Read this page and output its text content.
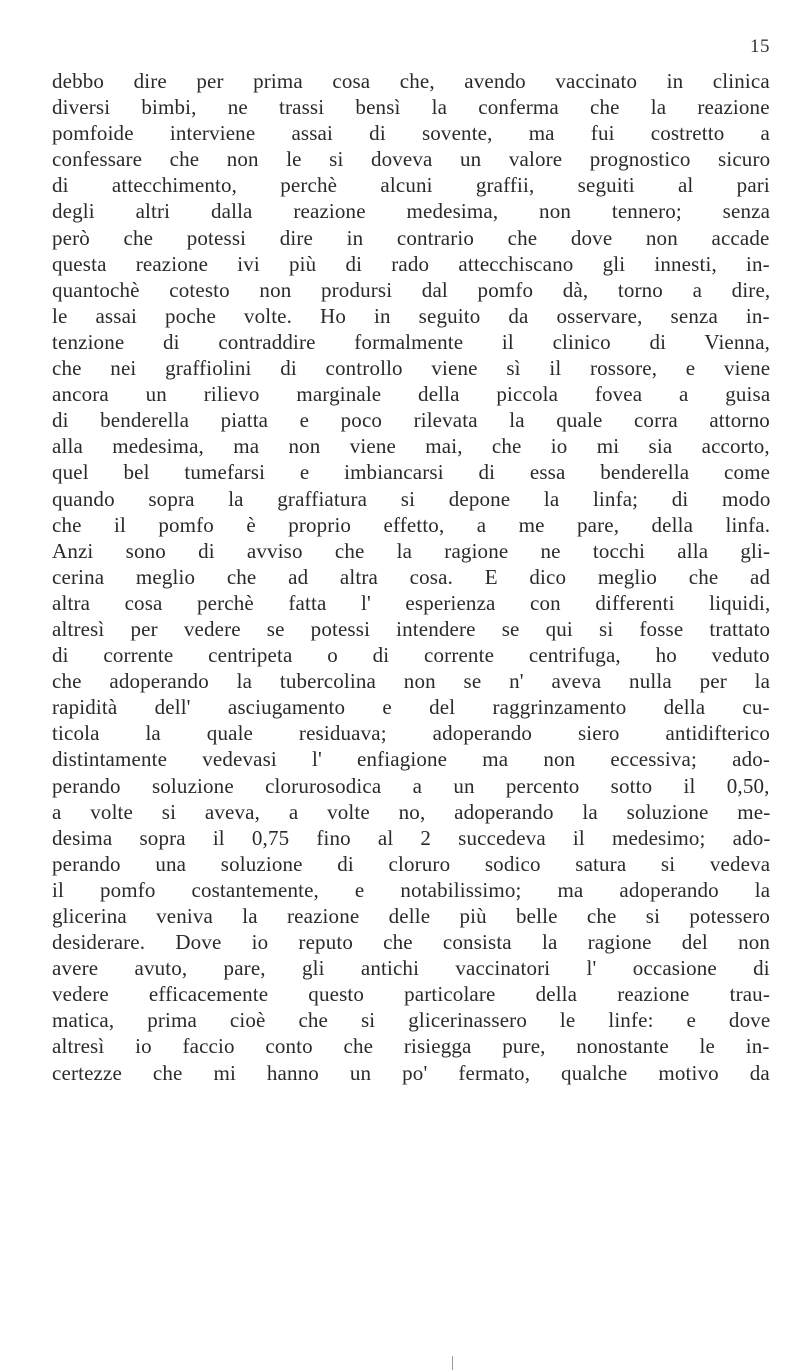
15
debbo dire per prima cosa che, avendo vaccinato in clinica
diversi bimbi, ne trassi bensì la conferma che la reazione
pomfoide interviene assai di sovente, ma fui costretto a
confessare che non le si doveva un valore prognostico sicuro
di attecchimento, perchè alcuni graffii, seguiti al pari
degli altri dalla reazione medesima, non tennero; senza
però che potessi dire in contrario che dove non accade
questa reazione ivi più di rado attecchiscano gli innesti, in-
quantochè cotesto non prodursi dal pomfo dà, torno a dire,
le assai poche volte. Ho in seguito da osservare, senza in-
tenzione di contraddire formalmente il clinico di Vienna,
che nei graffiolini di controllo viene sì il rossore, e viene
ancora un rilievo marginale della piccola fovea a guisa
di benderella piatta e poco rilevata la quale corra attorno
alla medesima, ma non viene mai, che io mi sia accorto,
quel bel tumefarsi e imbiancarsi di essa benderella come
quando sopra la graffiatura si depone la linfa; di modo
che il pomfo è proprio effetto, a me pare, della linfa.
Anzi sono di avviso che la ragione ne tocchi alla gli-
cerina meglio che ad altra cosa. E dico meglio che ad
altra cosa perchè fatta l' esperienza con differenti liquidi,
altresì per vedere se potessi intendere se qui si fosse trattato
di corrente centripeta o di corrente centrifuga, ho veduto
che adoperando la tubercolina non se n' aveva nulla per la
rapidità dell' asciugamento e del raggrinzamento della cu-
ticola la quale residuava; adoperando siero antidifterico
distintamente vedevasi l' enfiagione ma non eccessiva; ado-
perando soluzione clorurosodica a un percento sotto il 0,50,
a volte si aveva, a volte no, adoperando la soluzione me-
desima sopra il 0,75 fino al 2 succedeva il medesimo; ado-
perando una soluzione di cloruro sodico satura si vedeva
il pomfo costantemente, e notabilissimo; ma adoperando la
glicerina veniva la reazione delle più belle che si potessero
desiderare. Dove io reputo che consista la ragione del non
avere avuto, pare, gli antichi vaccinatori l' occasione di
vedere efficacemente questo particolare della reazione trau-
matica, prima cioè che si glicerinassero le linfe: e dove
altresì io faccio conto che risiegga pure, nonostante le in-
certezze che mi hanno un po' fermato, qualche motivo da
